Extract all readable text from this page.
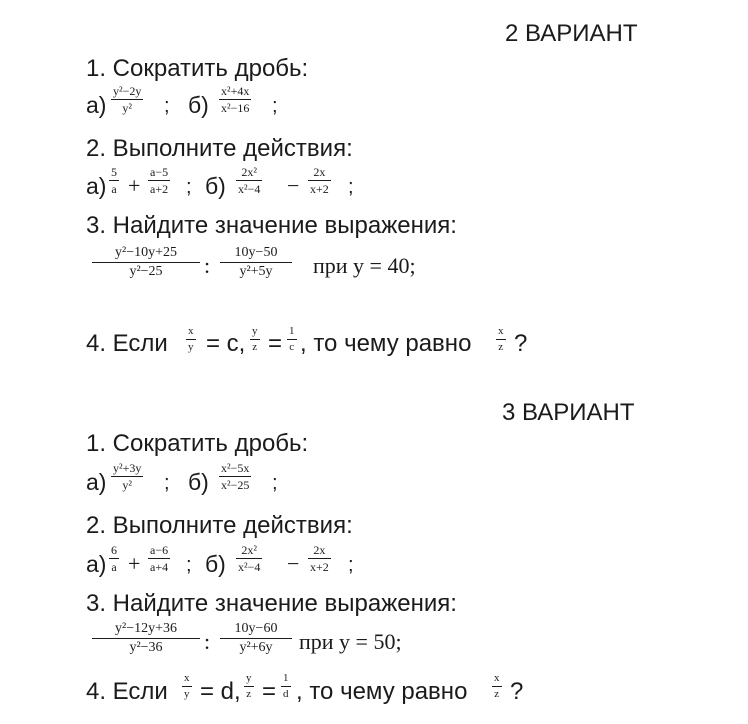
2 ВАРИАНТ
1. Сократить дробь:
а)
y²−2y
y² ; б)
x²+4x
x²−16 ;
2. Выполните действия:
а)
5
a +
a−5
a+2 ; б)
2x²
x²−4 −
2x
x+2 ;
3. Найдите значение выражения:
y²−10y+25
y²−25 :
10y−50
y²+5y при y = 40;
4. Если x
y = c, y
z = 1
c , то чему равно x
z ?
3 ВАРИАНТ
1. Сократить дробь:
а)
y²+3y
y² ; б)
x²−5x
x²−25 ;
2. Выполните действия:
а)
6
a +
a−6
a+4 ; б)
2x²
x²−4 −
2x
x+2 ;
3. Найдите значение выражения:
y²−12y+36
y²−36 :
10y−60
y²+6y при y = 50;
4. Если x
y = d, y
z = 1
d , то чему равно x
z ?
